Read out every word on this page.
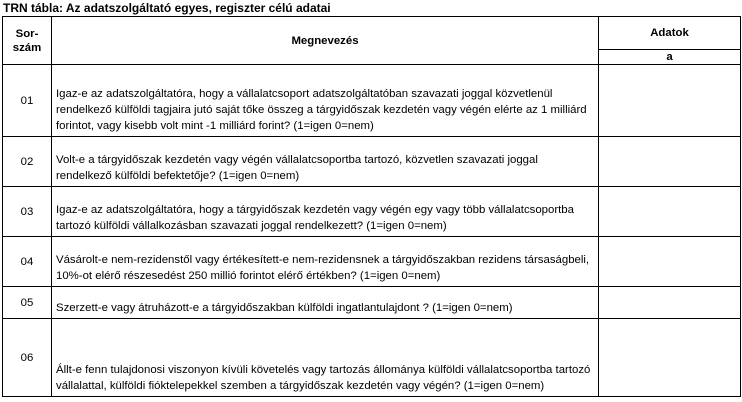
TRN tábla: Az adatszolgáltató egyes, regiszter célú adatai
Sor-
szám	Megnevezés	Adatok
		a
01	Igaz-e az adatszolgáltatóra, hogy a vállalatcsoport adatszolgáltatóban szavazati joggal közvetlenül rendelkező külföldi tagjaira jutó saját tőke összeg a tárgyidőszak kezdetén vagy végén elérte az 1 milliárd forintot, vagy kisebb volt mint -1 milliárd forint? (1=igen 0=nem)	
02	Volt-e a tárgyidőszak kezdetén vagy végén vállalatcsoportba tartozó, közvetlen szavazati joggal rendelkező külföldi befektetője? (1=igen 0=nem)	
03	Igaz-e az adatszolgáltatóra, hogy a tárgyidőszak kezdetén vagy végén egy vagy több vállalatcsoportba tartozó külföldi vállalkozásban szavazati joggal rendelkezett? (1=igen 0=nem)	
04	Vásárolt-e nem-rezidenstől vagy értékesített-e nem-rezidensnek a tárgyidőszakban rezidens társaságbeli, 10%-ot elérő részesedést 250 millió forintot elérő értékben? (1=igen 0=nem)	
05	Szerzett-e vagy átruházott-e a tárgyidőszakban külföldi ingatlantulajdont ? (1=igen 0=nem)	
06	Állt-e fenn tulajdonosi viszonyon kívüli követelés vagy tartozás állománya külföldi vállalatcsoportba tartozó vállalattal, külföldi fióktelepekkel szemben a tárgyidőszak kezdetén vagy végén? (1=igen 0=nem)	
